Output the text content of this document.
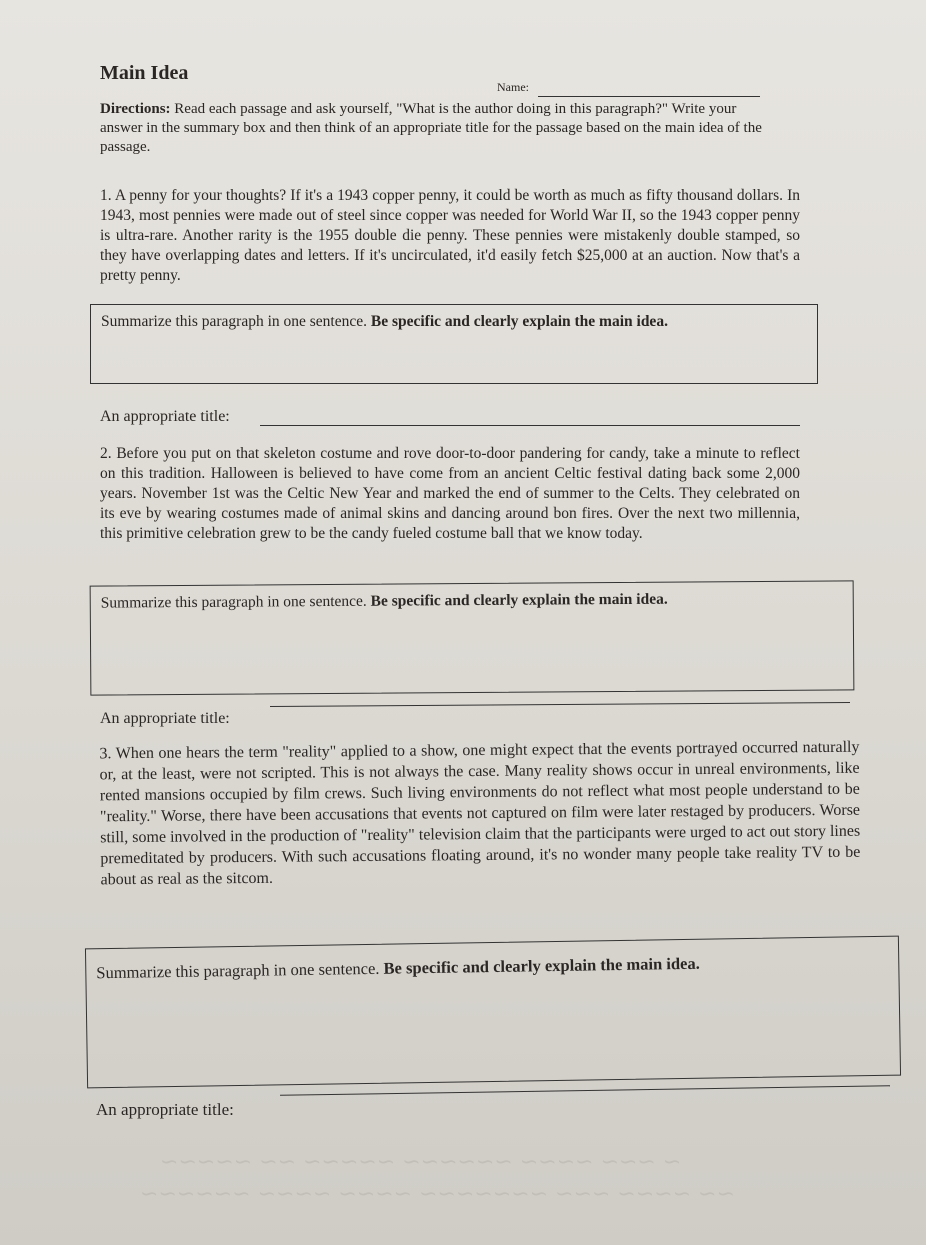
Main Idea
Name:
Directions: Read each passage and ask yourself, "What is the author doing in this paragraph?" Write your answer in the summary box and then think of an appropriate title for the passage based on the main idea of the passage.
1. A penny for your thoughts? If it's a 1943 copper penny, it could be worth as much as fifty thousand dollars. In 1943, most pennies were made out of steel since copper was needed for World War II, so the 1943 copper penny is ultra-rare. Another rarity is the 1955 double die penny. These pennies were mistakenly double stamped, so they have overlapping dates and letters. If it's uncirculated, it'd easily fetch $25,000 at an auction. Now that's a pretty penny.
Summarize this paragraph in one sentence. Be specific and clearly explain the main idea.
An appropriate title:
2. Before you put on that skeleton costume and rove door-to-door pandering for candy, take a minute to reflect on this tradition. Halloween is believed to have come from an ancient Celtic festival dating back some 2,000 years. November 1st was the Celtic New Year and marked the end of summer to the Celts. They celebrated on its eve by wearing costumes made of animal skins and dancing around bon fires. Over the next two millennia, this primitive celebration grew to be the candy fueled costume ball that we know today.
Summarize this paragraph in one sentence. Be specific and clearly explain the main idea.
An appropriate title:
3. When one hears the term "reality" applied to a show, one might expect that the events portrayed occurred naturally or, at the least, were not scripted. This is not always the case. Many reality shows occur in unreal environments, like rented mansions occupied by film crews. Such living environments do not reflect what most people understand to be "reality." Worse, there have been accusations that events not captured on film were later restaged by producers. Worse still, some involved in the production of "reality" television claim that the participants were urged to act out story lines premeditated by producers. With such accusations floating around, it's no wonder many people take reality TV to be about as real as the sitcom.
Summarize this paragraph in one sentence. Be specific and clearly explain the main idea.
An appropriate title:
~ ~~~ ~~~~ ~~~~~~ ~~~~~ ~~ ~~~~~
~~ ~~~~ ~~~ ~~~~~~~ ~~~~ ~~~~ ~~~~~~
